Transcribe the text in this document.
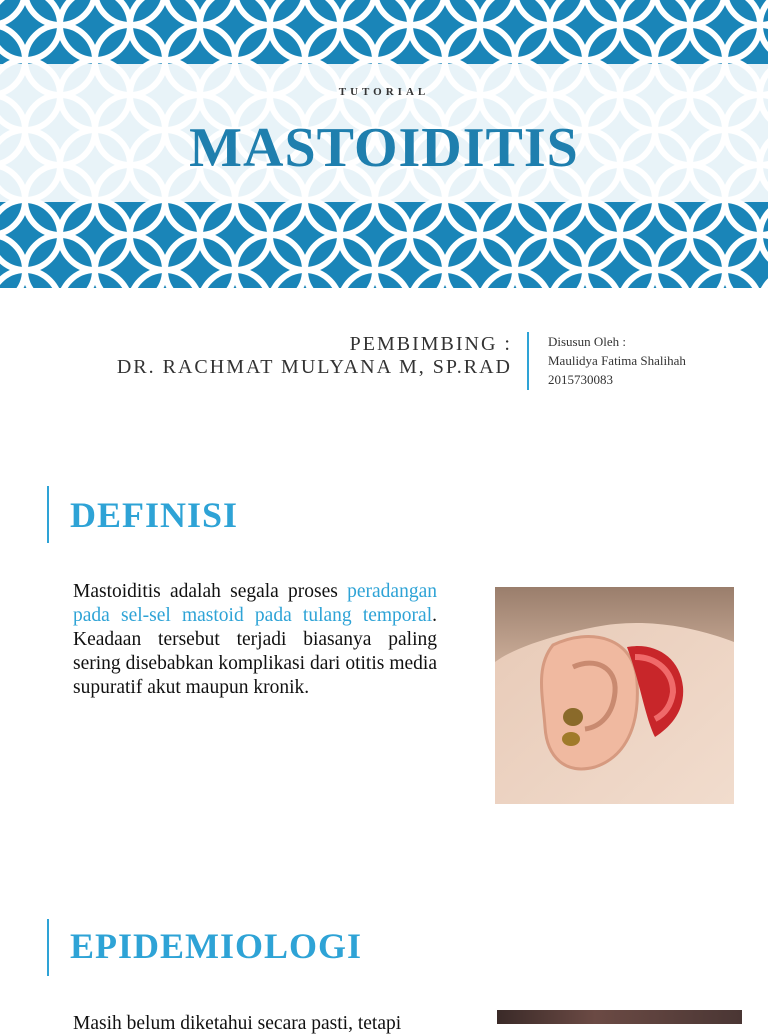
TUTORIAL
MASTOIDITIS
PEMBIMBING :
DR. RACHMAT MULYANA M, SP.RAD
Disusun Oleh :
Maulidya Fatima Shalihah
2015730083
DEFINISI
Mastoiditis adalah segala proses peradangan pada sel-sel mastoid pada tulang temporal. Keadaan tersebut terjadi biasanya paling sering disebabkan komplikasi dari otitis media supuratif akut maupun kronik.
EPIDEMIOLOGI
Masih belum diketahui secara pasti, tetapi
